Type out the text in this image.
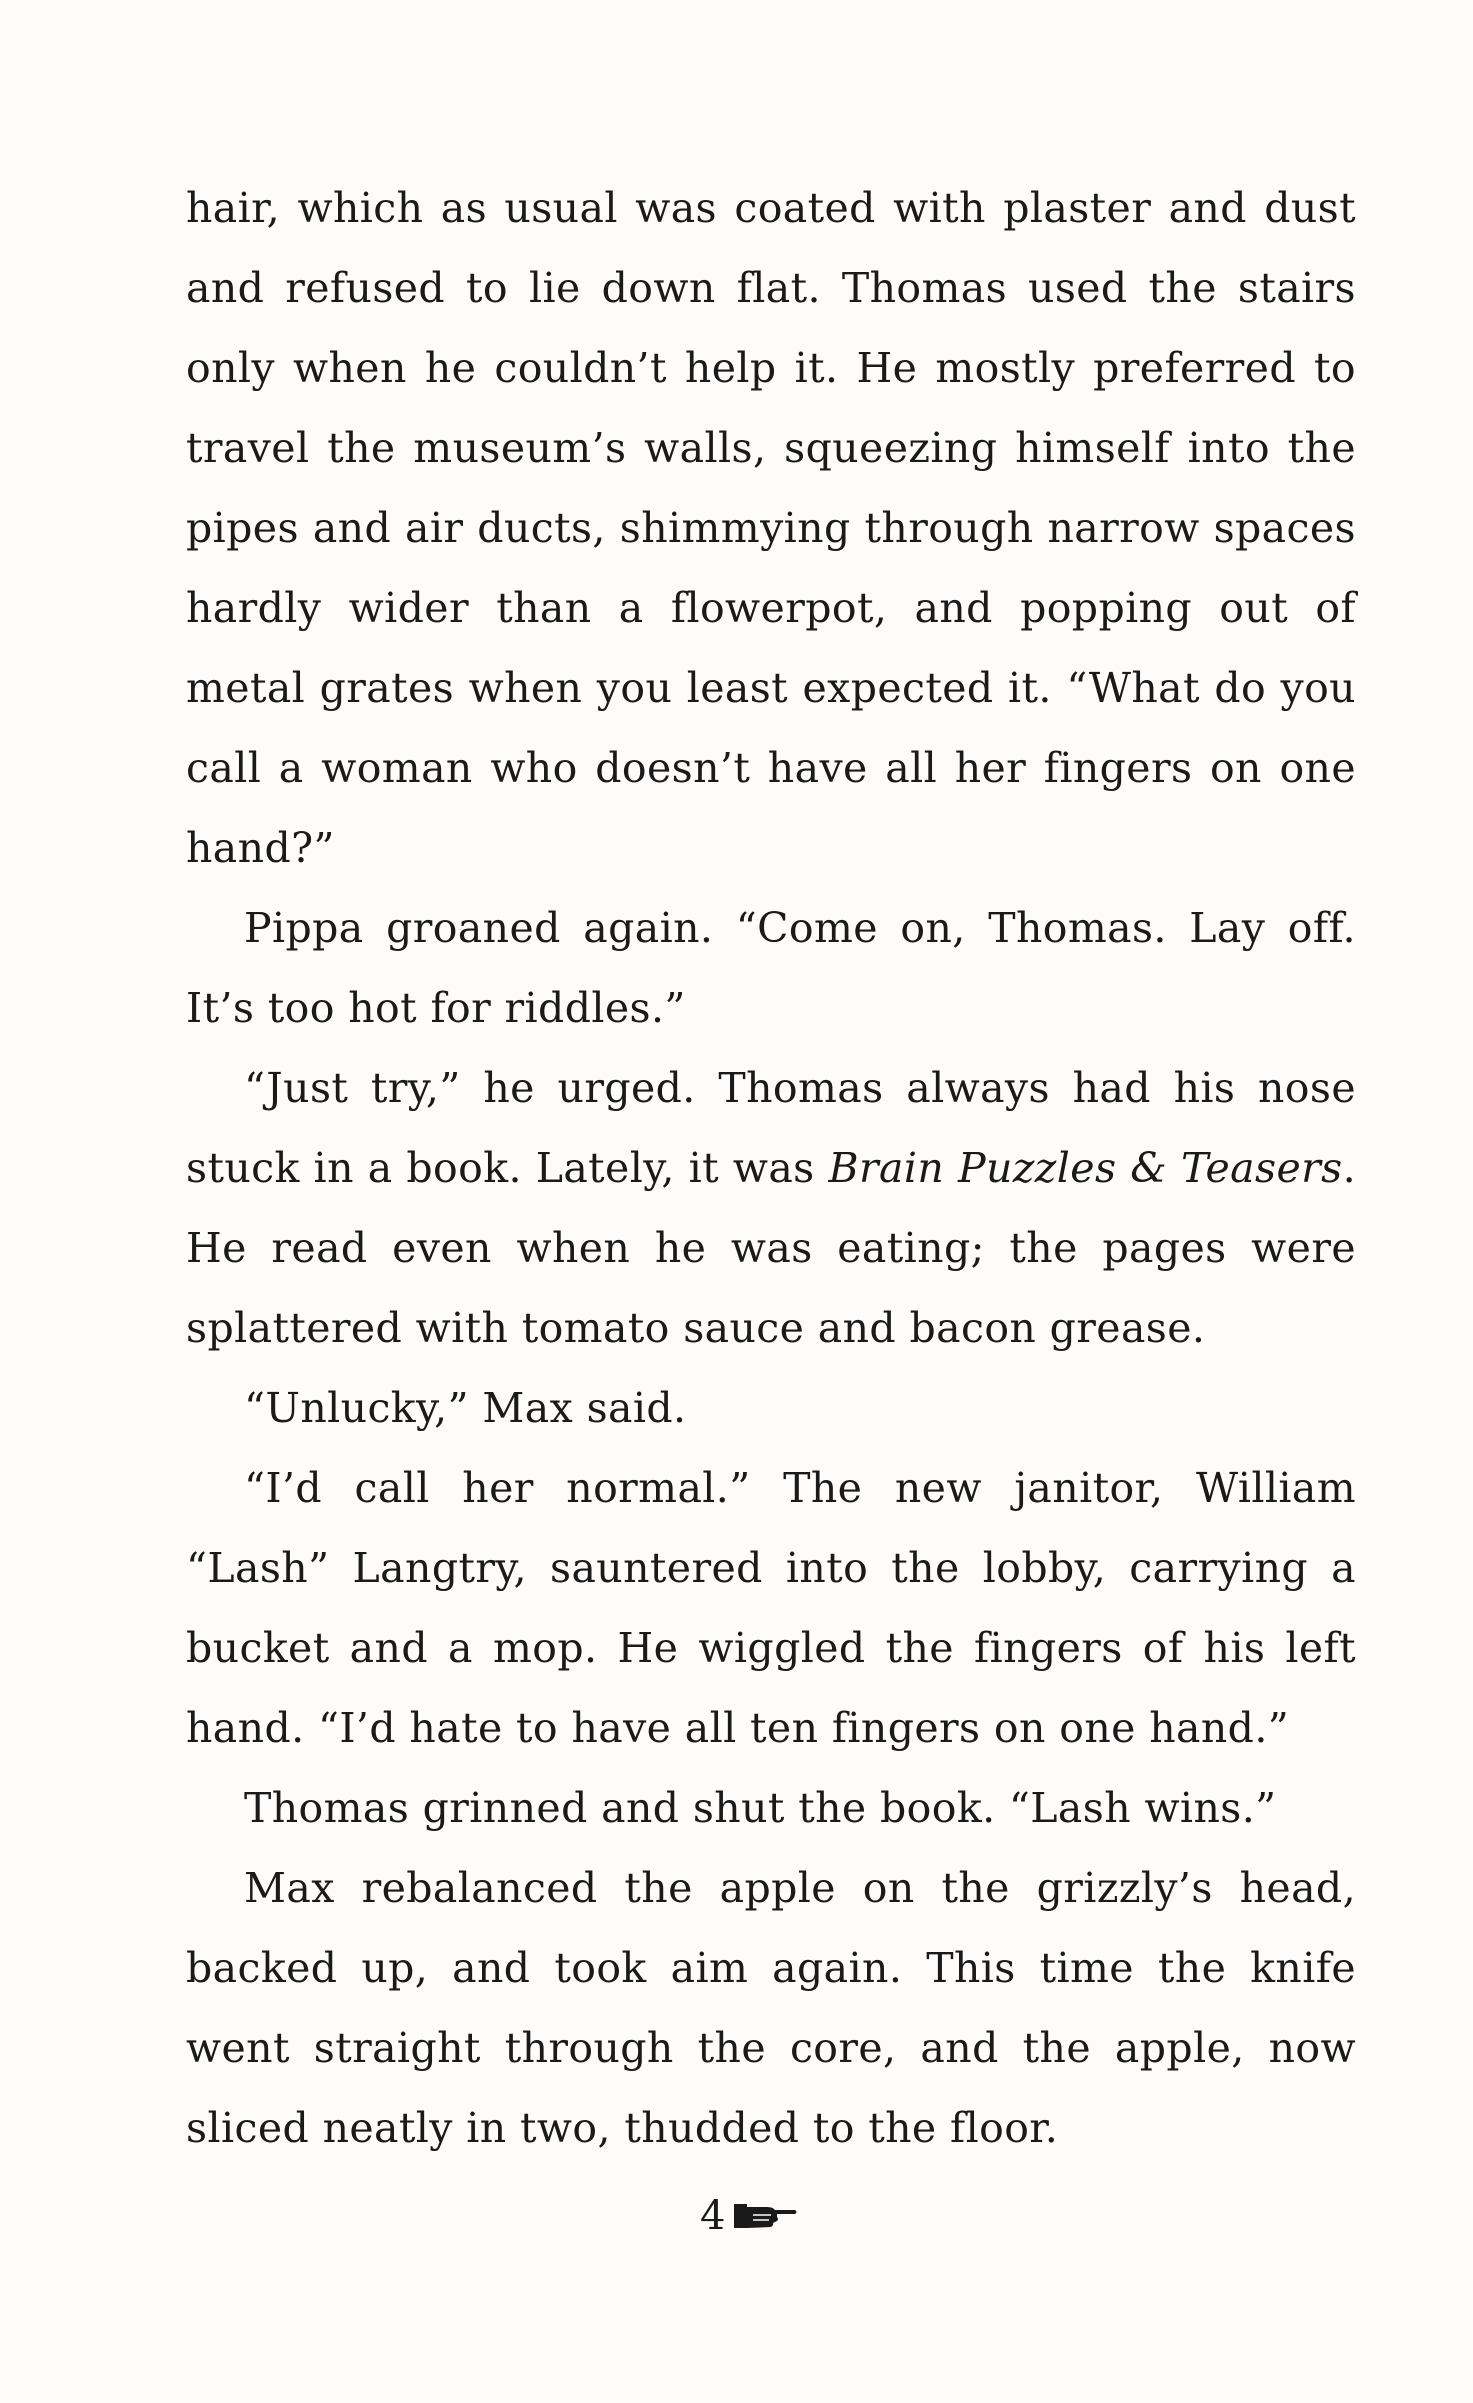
hair, which as usual was coated with plaster and dust and refused to lie down flat. Thomas used the stairs only when he couldn’t help it. He mostly preferred to travel the museum’s walls, squeezing himself into the pipes and air ducts, shimmying through narrow spaces hardly wider than a flowerpot, and popping out of metal grates when you least expected it. “What do you call a woman who doesn’t have all her fingers on one hand?”

Pippa groaned again. “Come on, Thomas. Lay off. It’s too hot for riddles.”

“Just try,” he urged. Thomas always had his nose stuck in a book. Lately, it was Brain Puzzles & Teasers. He read even when he was eating; the pages were splattered with tomato sauce and bacon grease.

“Unlucky,” Max said.

“I’d call her normal.” The new janitor, William “Lash” Langtry, sauntered into the lobby, carrying a bucket and a mop. He wiggled the fingers of his left hand. “I’d hate to have all ten fingers on one hand.”

Thomas grinned and shut the book. “Lash wins.”

Max rebalanced the apple on the grizzly’s head, backed up, and took aim again. This time the knife went straight through the core, and the apple, now sliced neatly in two, thudded to the floor.

4
